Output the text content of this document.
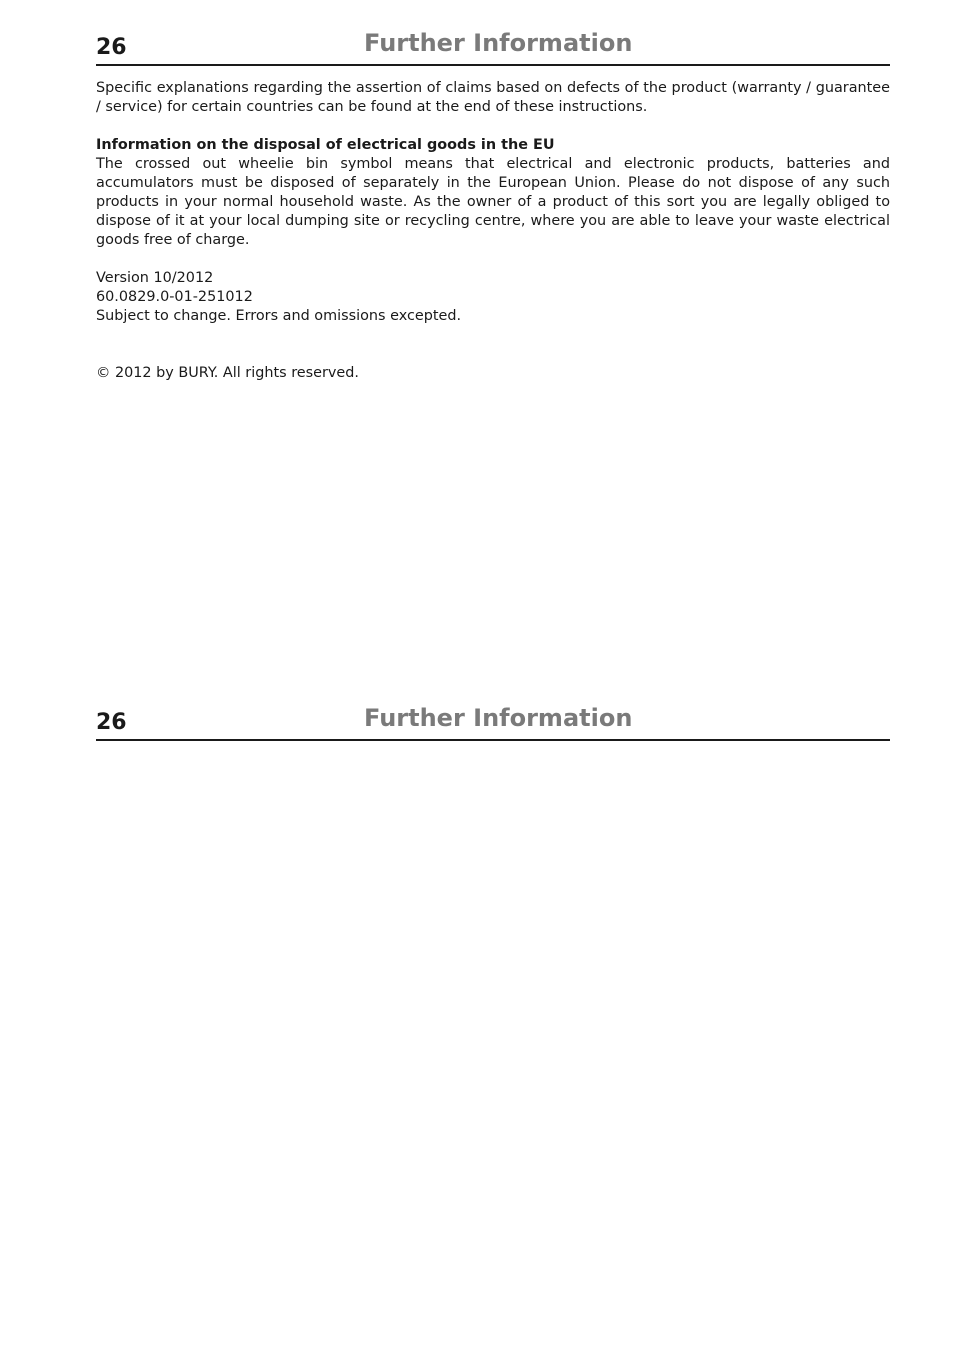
26	Further Information

Specific explanations regarding the assertion of claims based on defects of the product (warranty / guarantee / service) for certain countries can be found at the end of these instructions.

Information on the disposal of electrical goods in the EU

The crossed out wheelie bin symbol means that electrical and electronic products, batteries and accumulators must be disposed of separately in the European Union. Please do not dispose of any such products in your normal household waste. As the owner of a product of this sort you are legally obliged to dispose of it at your local dumping site or recycling centre, where you are able to leave your waste electrical goods free of charge.

Version 10/2012

60.0829.0-01-251012

Subject to change. Errors and omissions excepted.

© 2012 by BURY. All rights reserved.

26	Further Information
